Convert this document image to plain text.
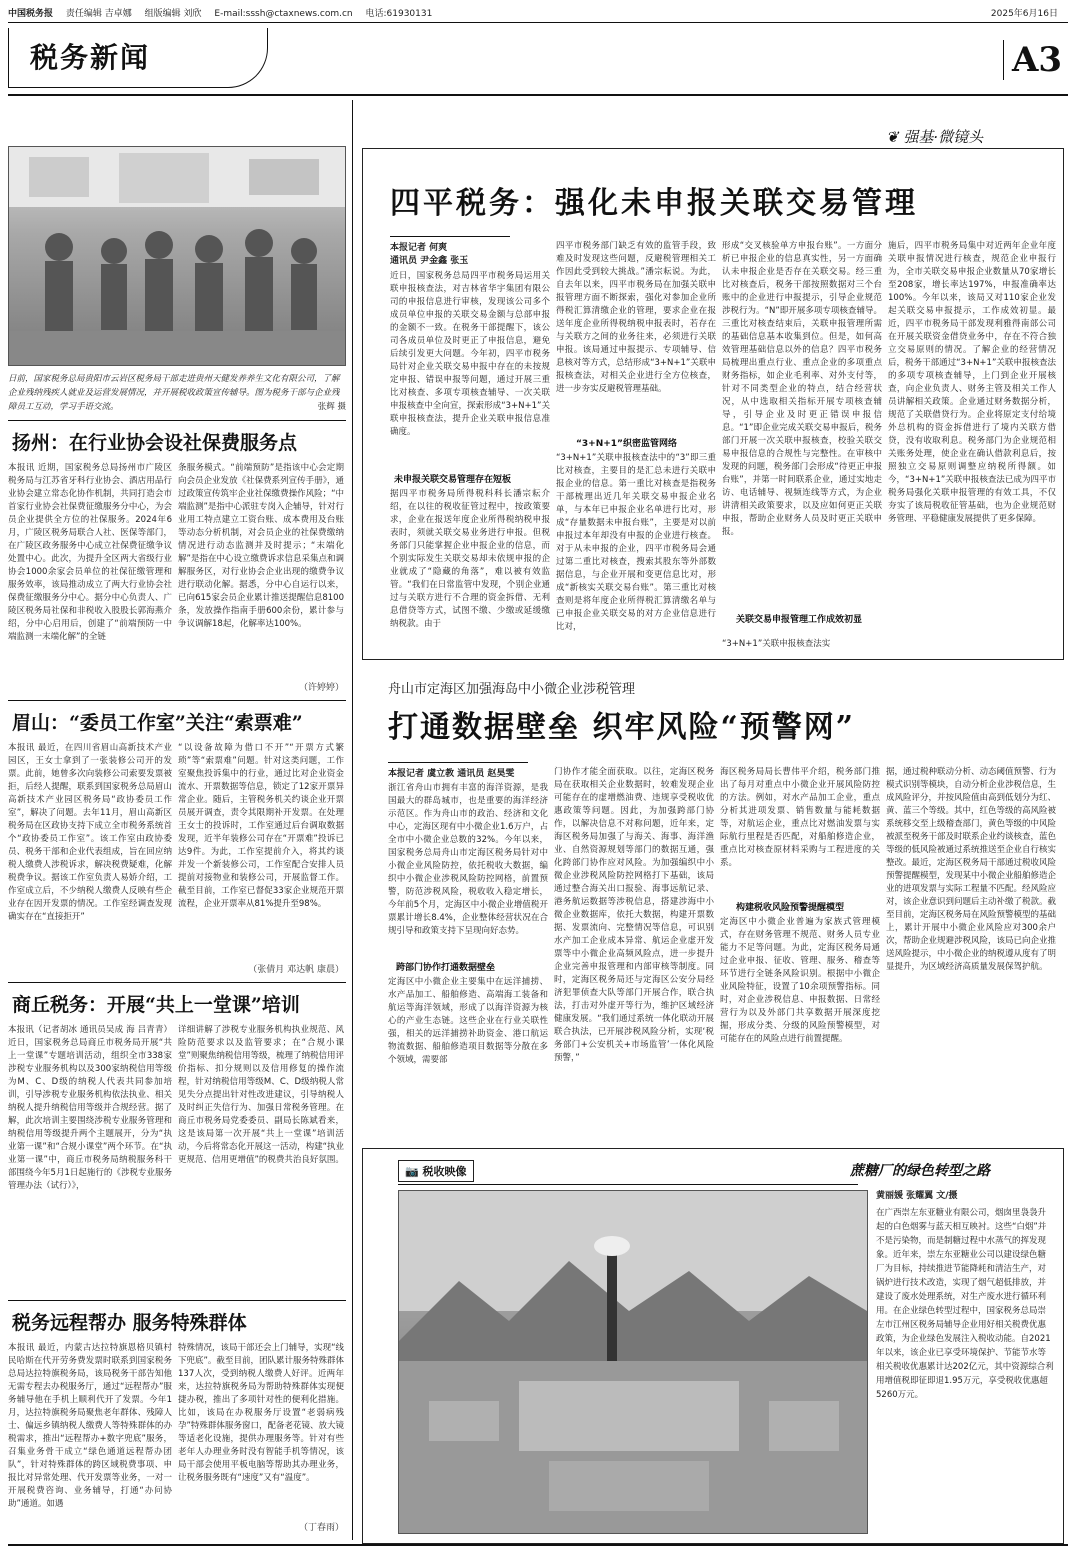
中国税务报 责任编辑 吉卓娜 组版编辑 刘欣 E-mail:sssh@ctaxnews.com.cn 电话:61930131	2025年6月16日
税务新闻	A3
日前，国家税务总局贵阳市云岩区税务局干部走进贵州天健发养养生文化有限公司，了解企业残纳残疾人就业及运营发展情况，并开展税收政策宣传辅导。图为税务干部与企业残障员工互动，学习手语交流。	张辉 摄
扬州：在行业协会设社保费服务点
本报讯 近期，国家税务总局扬州市广陵区税务局与江苏省牙科行业协会、酒店用品行业协会建立常态化协作机制，共同打造会市首家行业协会社保费征缴服务分中心，为会员企业提供全方位的社保服务。2024年6月，广陵区税务局联合人社、医保等部门，在广陵区政务服务中心成立社保费征缴争议处置中心。此次，为提升全区两大省级行业协会1000余家会员单位的社保征缴管理和服务效率，该局推动成立了两大行业协会社保费征缴服务分中心。据分中心负责人、广陵区税务局社保和非税收入股股长郭海燕介绍，分中心启用后，创建了“前端预防一中端监测一末端化解”的全链
条服务模式。“前端预防”是指该中心会定期向会员企业发放《社保费系列宣传手册》，通过政策宣传筑牢企业社保缴费操作风险；“中端监测”是指中心派驻专岗入企辅导，针对行业用工特点建立工资台账、成本费用及台账等动态分析机制，对会员企业的社保费缴纳情况进行动态监测并及时提示；“末端化解”是指在中心设立缴费诉求信息采集点和调解服务区，对行业协会企业出现的缴费争议进行联动化解。据悉，分中心自运行以来，已向615家会员企业累计推送提醒信息8100条，发放操作指南手册600余份，累计参与争议调解18起，化解率达100%。
（许婷婷）
眉山：“委员工作室”关注“索票难”
本报讯 最近，在四川省眉山高新技术产业园区，王女士拿到了一张装修公司开的发票。此前，她曾多次向装修公司索要发票被拒，后经人提醒，联系到国家税务总局眉山高新技术产业园区税务局“政协委员工作室”，解决了问题。去年11月，眉山高新区税务局在区政协支持下成立全市税务系统首个“政协委员工作室”。该工作室由政协委员、税务干部和企业代表组成，旨在回应纳税人缴费人涉税诉求，解决税费疑难，化解税费争议。据该工作室负责人易娇介绍，工作室成立后，不少纳税人缴费人反映有些企业存在因开发票的情况。工作室经调查发现确实存在“直接拒开”
“以设备故障为借口不开”“开票方式繁琐”等“索票难”问题。针对这类问题，工作室聚焦投诉集中的行业，通过比对企业资金流水、开票数据等信息，锁定了12家开票异常企业。随后，主管税务机关约谈企业开票员展开调查，责令其限期补开发票。在处理王女士的投诉时，工作室通过后台调取数据发现，近半年装修公司存在“开票难”投诉已达9件。为此，工作室提前介入，将其约谈并发一个新装修公司，工作室配合安排人员提前对接物业和装修公司，开展监督工作。截至目前，工作室已督促33家企业规范开票流程，企业开票率从81%提升至98%。
（张倩月 邓达帆 康晨）
商丘税务：开展“共上一堂课”培训
本报讯（记者胡冰 通讯员吴成 海 吕青青）近日，国家税务总局商丘市税务局开展“共上一堂课”专题培训活动，组织全市338家涉税专业服务机构以及300家纳税信用等级为M、C、D级的纳税人代表共同参加培训，引导涉税专业服务机构依法执业、相关纳税人提升纳税信用等级并合规经营。据了解，此次培训主要围绕涉税专业服务管理和纳税信用等级提升两个主题展开，分为“执业第一课”和“合规小课堂”两个环节。在“执业第一课”中，商丘市税务局纳税服务科干部围绕今年5月1日起施行的《涉税专业服务管理办法（试行）》，
详细讲解了涉税专业服务机构执业规范、风险防范要求以及监管要求；在“合规小课堂”则聚焦纳税信用等级，梳理了纳税信用评价指标、扣分规则以及信用修复的操作流程，针对纳税信用等级M、C、D级纳税人常见失分点提出针对性改进建议，引导纳税人及时纠正失信行为、加强日常税务管理。在商丘市税务局党委委员、副局长陈斌看来，这是该局第一次开展“共上一堂课”培训活动，今后将常态化开展这一活动，构建“执业更规范、信用更增值”的税费共治良好氛围。
税务远程帮办 服务特殊群体
本报讯 最近，内蒙古达拉特旗恩格贝镇村民哈斯在代开劳务费发票时联系到国家税务总局达拉特旗税务局，该局税务干部告知他无需专程去办税服务厅，通过“远程帮办”服务辅导他在手机上顺利代开了发票。今年1月，达拉特旗税务局聚焦老年群体、残障人士、偏远乡镇纳税人缴费人等特殊群体的办税需求，推出“远程帮办+数字兜底”服务，召集业务骨干成立“绿色通道远程帮办团队”，针对特殊群体的跨区域税费事项、申报比对异常处理、代开发票等业务，一对一开展税费咨询、业务辅导，打通“办问协助”通道。如遇
特殊情况，该局干部还会上门辅导，实现“线下兜底”。截至目前，团队累计服务特殊群体137人次，受到纳税人缴费人好评。近两年来，达拉特旗税务局为帮助特殊群体实现便捷办税，推出了多项针对性的便利化措施。比如，该局在办税服务厅设置“老弱病残孕”特殊群体服务窗口，配备老花镜、放大镜等适老化设施，提供办理服务等。针对有些老年人办理业务时没有智能手机等情况，该局干部会使用平板电脑等帮助其办理业务，让税务服务既有“速度”又有“温度”。
（丁春雨）
❦ 强基·微镜头
四平税务：强化未申报关联交易管理
本报记者 何爽
通讯员 尹金鑫 张玉
近日，国家税务总局四平市税务局运用关联申报核查法，对吉林省华宇集团有限公司的申报信息进行审核，发现该公司多个成员单位申报的关联交易金额与总部申报的金额不一致。在税务干部提醒下，该公司各成员单位及时更正了申报信息，避免后续引发更大问题。今年初，四平市税务局针对企业关联交易申报中存在的未按规定申报、错误申报等问题，通过开展三重比对核查、多项专项核查辅导、一次关联申报核查中全向宣，探索形成“3+N+1”关联申报核查法，提升企业关联申报信息准确度。
未申报关联交易管理存在短板
据四平市税务局所得税科科长潘宗耘介绍，在以往的税收征管过程中，按政策要求，企业在报送年度企业所得税纳税申报表时，须就关联交易业务进行申报。但税务部门只能掌握企业申报企业的信息，而个别实际发生关联交易却未依规申报的企业就成了“隐藏的角落”，难以被有效监管。“我们在日常监管中发现，个别企业通过与关联方进行不合理的资金拆借、无利息借贷等方式，试图不缴、少缴或延缓缴纳税款。由于
四平市税务部门缺乏有效的监管手段，致难及时发现这些问题，反避税管理相关工作因此受到较大挑战。”潘宗耘说。为此，自去年以来，四平市税务局在加强关联申报管理方面不断探索，强化对参加企业所得税汇算清缴企业的管理，要求企业在报送年度企业所得税纳税申报表时，若存在与关联方之间的业务往来，必须进行关联申报。该局通过申报提示、专项辅导、信息核对等方式，总结形成“3+N+1”关联申报核查法，对相关企业进行全方位核查，进一步夯实反避税管理基础。
“3+N+1”织密监管网络
“3+N+1”关联申报核查法中的“3”即三重比对核查，主要目的是汇总未进行关联申报企业的信息。第一重比对核查是指税务干部梳理出近几年关联交易申报企业名单，与本年已申报企业名单进行比对，形成“存量数据未申报台账”，主要是对以前申报过本年却没有申报的企业进行核查。对于从未申报的企业，四平市税务局会通过第二重比对核查，搜索其股东等外部数据信息，与企业开展和变更信息比对，形成“新核实关联交易台账”。第三重比对核查则是将年度企业所得税汇算清缴名单与已申报企业关联交易的对方企业信息进行比对，
形成“交叉核验单方申报台账”。一方面分析已申报企业的信息真实性，另一方面确认未申报企业是否存在关联交易。经三重比对核查后，税务干部按照数据对三个台账中的企业进行申报提示，引导企业规范涉税行为。“N”即开展多项专项核查辅导。三重比对核查结束后，关联申报管理所需的基础信息基本收集到位。但是，如何高效管理基础信息以外的信息？四平市税务局梳理出重点行业、重点企业的多项重点财务指标，如企业毛利率、对外支付等，针对不同类型企业的特点，结合经营状况，从中选取相关指标开展专项核查辅导，引导企业及时更正错误申报信息。“1”即企业完成关联交易申报后，税务部门开展一次关联申报核查，校验关联交易申报信息的合规性与完整性。在审核中发现的问题，税务部门会形成“待更正申报台账”，并第一时间联系企业，通过实地走访、电话辅导、视频连线等方式，为企业讲清相关政策要求，以及应如何更正关联申报，帮助企业财务人员及时更正关联申报。
关联交易申报管理工作成效初显
“3+N+1”关联申报核查法实
施后，四平市税务局集中对近两年企业年度关联申报情况进行核查，规范企业申报行为，全市关联交易申报企业数量从70家增长至208家，增长率达197%，申报准确率达100%。今年以来，该局又对110家企业发起关联交易申报提示，工作成效初显。最近，四平市税务局干部发现利雅得南部公司在开展关联资金借贷业务中，存在不符合独立交易原则的情况。了解企业的经营情况后，税务干部通过“3+N+1”关联申报核查法的多项专项核查辅导，上门到企业开展核查，向企业负责人、财务主管及相关工作人员讲解相关政策。企业通过财务数据分析，规范了关联借贷行为。企业将原定支付给境外总机构的资金拆借进行了境内关联方借贷，没有收取利息。税务部门为企业规范相关账务处理，使企业在确认借款利息后，按照独立交易原则调整应纳税所得额。如今，“3+N+1”关联申报核查法已成为四平市税务局强化关联申报管理的有效工具，不仅夯实了该局税收征管基础，也为企业规范财务管理、平稳健康发展提供了更多保障。
舟山市定海区加强海岛中小微企业涉税管理
打通数据壁垒 织牢风险“预警网”
本报记者 虞立教 通讯员 赵昊雯
浙江省舟山市拥有丰富的海洋资源，是我国最大的群岛城市，也是重要的海洋经济示范区。作为舟山市的政治、经济和文化中心，定海区现有中小微企业1.6万户，占全市中小微企业总数的32%。今年以来，国家税务总局舟山市定海区税务局针对中小微企业风险防控，依托税收大数据，编织中小微企业涉税风险防控网格，前置预警，防范涉税风险，税收收入稳定增长，今年前5个月，定海区中小微企业增值税开票累计增长8.4%，企业整体经营状况在合规引导和政策支持下呈现向好态势。
跨部门协作打通数据壁垒
定海区中小微企业主要集中在远洋捕捞、水产品加工、船舶修造、高端海工装备和航运等海洋领域，形成了以海洋资源为核心的产业生态链。这些企业在行业关联性强，相关的远洋捕捞补助资金、港口航运物流数据、船舶修造项目数据等分散在多个领域，需要部
门协作才能全面获取。以往，定海区税务局在获取相关企业数据时，较难发现企业可能存在的虚增燃油费、违规享受税收优惠政策等问题。因此，为加强跨部门协作，以解决信息不对称问题，近年来，定海区税务局加强了与海关、海事、海洋渔业、自然资源规划等部门的数据互通，强化跨部门协作应对风险。为加强编织中小微企业涉税风险防控网格打下基础，该局通过整合海关出口报验、海事远航记录、港务航运数据等涉税信息，搭建涉海中小微企业数据库，依托大数据，构建开票数据、发票流向、完整情况等信息，可识别水产加工企业成本异常、航运企业虚开发票等中小微企业高频风险点，进一步提升企业完善申报管理和内部审核等制度。同时，定海区税务局还与定海区公安分局经济犯罪侦查大队等部门开展合作，联合执法，打击对外虚开等行为，维护区域经济健康发展。“我们通过系统一体化联动开展联合执法，已开展涉税风险分析，实现‘税务部门+公安机关+市场监管’一体化风险预警，”
海区税务局局长曹伟平介绍，税务部门推出了每月对重点中小微企业开展风险防控的方法。例如，对水产品加工企业，重点分析其进项发票、销售数量与能耗数据等，对航运企业，重点比对燃油发票与实际航行里程是否匹配，对船舶修造企业，重点比对核查原材料采购与工程进度的关系。
构建税收风险预警提醒模型
定海区中小微企业普遍为家族式管理模式，存在财务管理不规范、财务人员专业能力不足等问题。为此，定海区税务局通过企业申报、征收、管理、服务、稽查等环节进行全链条风险识别。根据中小微企业风险特征，设置了10余项预警指标。同时，对企业涉税信息、申报数据、日常经营行为以及外部门共享数据开展深度挖掘，形成分类、分级的风险预警模型，对可能存在的风险点进行前置提醒。
据，通过税种联动分析、动态阈值预警、行为模式识别等模块，自动分析企业涉税信息，生成风险评分，并按风险值由高到低划分为红、黄、蓝三个等级。其中，红色等级的高风险被系统移交至上级稽查部门，黄色等级的中风险被派至税务干部及时联系企业约谈核查，蓝色等级的低风险被通过系统推送至企业自行核实整改。最近，定海区税务局干部通过税收风险预警提醒模型，发现某中小微企业船舶修造企业的进项发票与实际工程量不匹配。经风险应对，该企业意识到问题后主动补缴了税款。截至目前，定海区税务局在风险预警模型的基础上，累计开展中小微企业风险应对300余户次，帮助企业规避涉税风险，该局已向企业推送风险提示，中小微企业的纳税遵从度有了明显提升，为区域经济高质量发展保驾护航。
📷 税收映像	蔗糖厂的绿色转型之路
黄丽媛 张耀翼 文/摄
在广西崇左东亚糖业有限公司，烟囱里袅袅升起的白色烟雾与蓝天相互映衬。这些“白烟”并不是污染物，而是制糖过程中水蒸气的挥发现象。近年来，崇左东亚糖业公司以建设绿色糖厂为目标，持续推进节能降耗和清洁生产，对锅炉进行技术改造，实现了烟气超低排放，并建设了废水处理系统，对生产废水进行循环利用。在企业绿色转型过程中，国家税务总局崇左市江州区税务局辅导企业用好相关税费优惠政策，为企业绿色发展注入税收动能。自2021年以来，该企业已享受环境保护、节能节水等相关税收优惠累计达202亿元，其中资源综合利用增值税即征即退1.95万元，享受税收优惠超5260万元。
